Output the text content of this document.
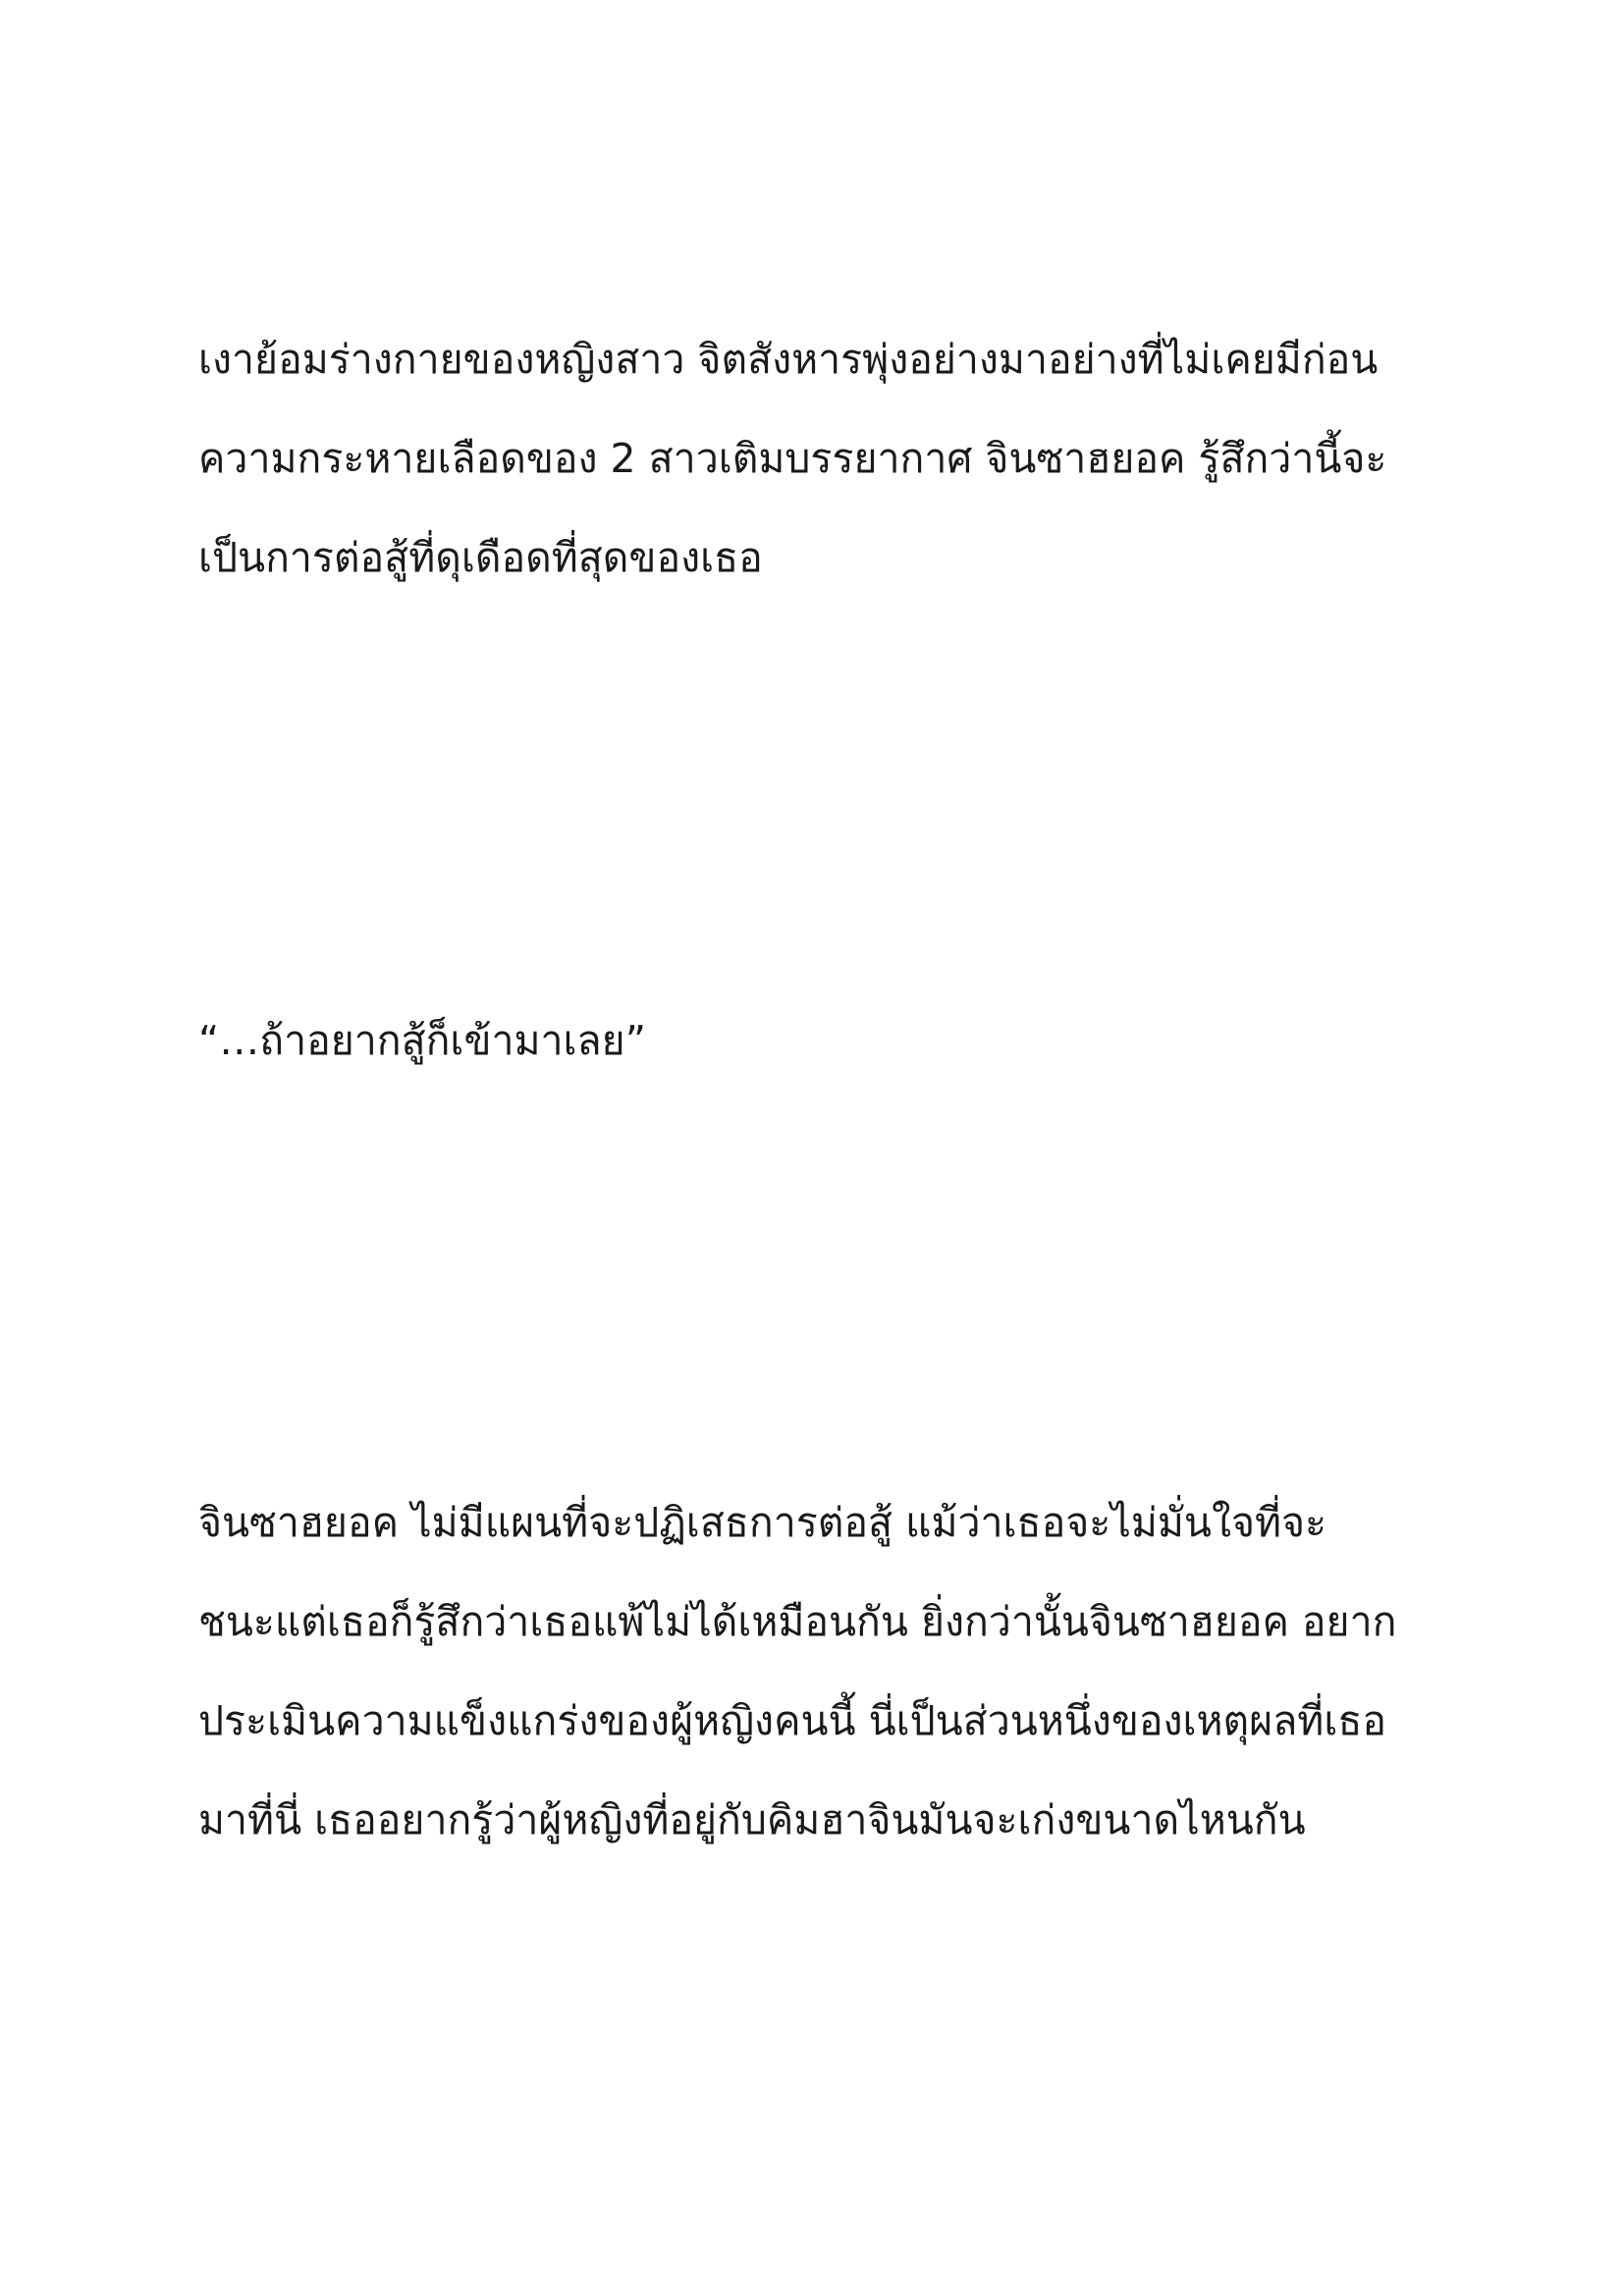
เงาย้อมร่างกายของหญิงสาว จิตสังหารพุ่งอย่างมาอย่างที่ไม่เคยมีก่อน
ความกระหายเลือดของ 2 สาวเติมบรรยากาศ จินซาฮยอค รู้สึกว่านี้จะ
เป็นการต่อสู้ที่ดุเดือดที่สุดของเธอ
“…ถ้าอยากสู้ก็เข้ามาเลย”
จินซาฮยอค ไม่มีแผนที่จะปฏิเสธการต่อสู้ แม้ว่าเธอจะไม่มั่นใจที่จะ
ชนะแต่เธอก็รู้สึกว่าเธอแพ้ไม่ได้เหมือนกัน ยิ่งกว่านั้นจินซาฮยอค อยาก
ประเมินความแข็งแกร่งของผู้หญิงคนนี้ นี่เป็นส่วนหนึ่งของเหตุผลที่เธอ
มาที่นี่ เธออยากรู้ว่าผู้หญิงที่อยู่กับคิมฮาจินมันจะเก่งขนาดไหนกัน
